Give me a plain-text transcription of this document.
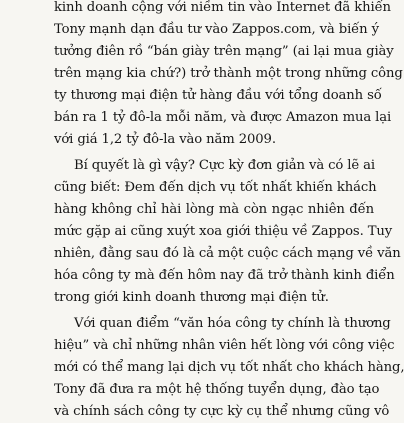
kinh doanh cộng với niềm tin vào Internet đã khiến
Tony mạnh dạn đầu tư vào Zappos.com, và biến ý
tưởng điên rồ “bán giày trên mạng” (ai lại mua giày
trên mạng kia chứ?) trở thành một trong những công
ty thương mại điện tử hàng đầu với tổng doanh số
bán ra 1 tỷ đô-la mỗi năm, và được Amazon mua lại
với giá 1,2 tỷ đô-la vào năm 2009.
Bí quyết là gì vậy? Cực kỳ đơn giản và có lẽ ai
cũng biết: Đem đến dịch vụ tốt nhất khiến khách
hàng không chỉ hài lòng mà còn ngạc nhiên đến
mức gặp ai cũng xuýt xoa giới thiệu về Zappos. Tuy
nhiên, đằng sau đó là cả một cuộc cách mạng về văn
hóa công ty mà đến hôm nay đã trở thành kinh điển
trong giới kinh doanh thương mại điện tử.
Với quan điểm “văn hóa công ty chính là thương
hiệu” và chỉ những nhân viên hết lòng với công việc
mới có thể mang lại dịch vụ tốt nhất cho khách hàng,
Tony đã đưa ra một hệ thống tuyển dụng, đào tạo
và chính sách công ty cực kỳ cụ thể nhưng cũng vô
